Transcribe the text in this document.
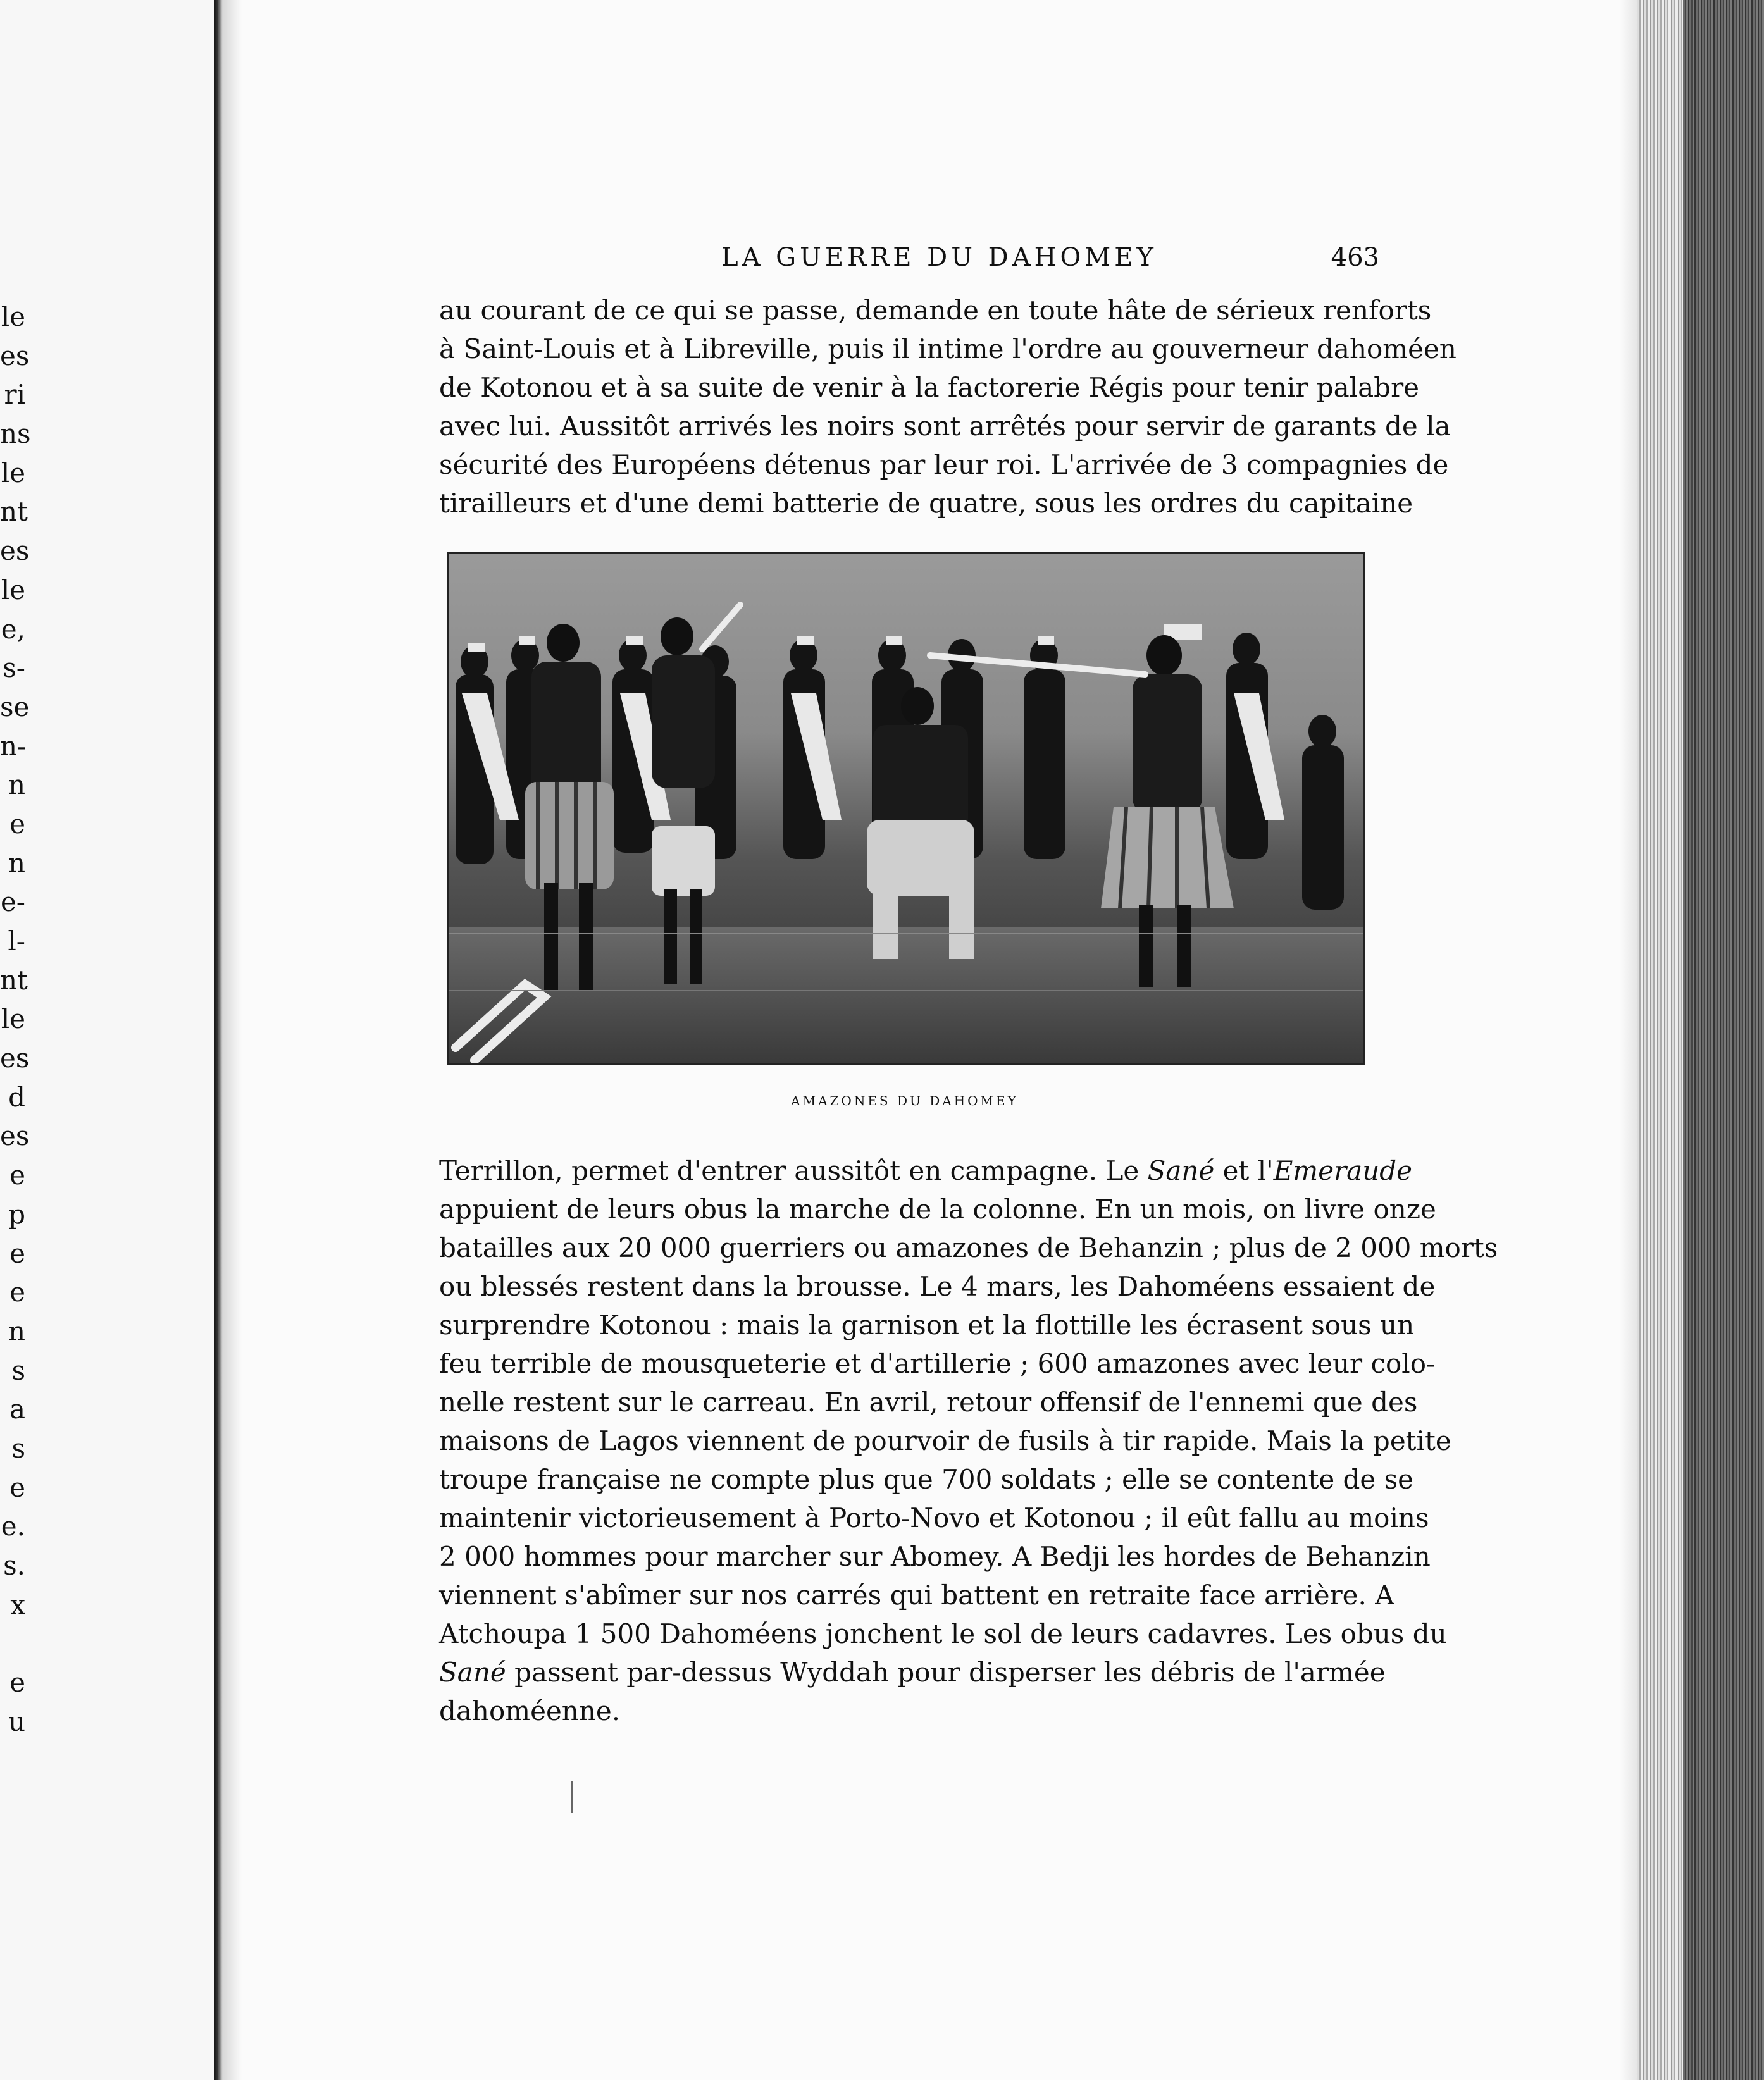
le
es
ri
ns
le
nt
es
le
e,
s-
se
n-
n
e
n
e-
l-
nt
le
es
d
es
e
p
e
e
n
s
a
s
e
e.
s.
x
e
u
LA GUERRE DU DAHOMEY	463
au courant de ce qui se passe, demande en toute hâte de sérieux renforts
à Saint-Louis et à Libreville, puis il intime l'ordre au gouverneur dahoméen
de Kotonou et à sa suite de venir à la factorerie Régis pour tenir palabre
avec lui. Aussitôt arrivés les noirs sont arrêtés pour servir de garants de la
sécurité des Européens détenus par leur roi. L'arrivée de 3 compagnies de
tirailleurs et d'une demi batterie de quatre, sous les ordres du capitaine
AMAZONES DU DAHOMEY
Terrillon, permet d'entrer aussitôt en campagne. Le Sané et l'Emeraude
appuient de leurs obus la marche de la colonne. En un mois, on livre onze
batailles aux 20 000 guerriers ou amazones de Behanzin ; plus de 2 000 morts
ou blessés restent dans la brousse. Le 4 mars, les Dahoméens essaient de
surprendre Kotonou : mais la garnison et la flottille les écrasent sous un
feu terrible de mousqueterie et d'artillerie ; 600 amazones avec leur colo-
nelle restent sur le carreau. En avril, retour offensif de l'ennemi que des
maisons de Lagos viennent de pourvoir de fusils à tir rapide. Mais la petite
troupe française ne compte plus que 700 soldats ; elle se contente de se
maintenir victorieusement à Porto-Novo et Kotonou ; il eût fallu au moins
2 000 hommes pour marcher sur Abomey. A Bedji les hordes de Behanzin
viennent s'abîmer sur nos carrés qui battent en retraite face arrière. A
Atchoupa 1 500 Dahoméens jonchent le sol de leurs cadavres. Les obus du
Sané passent par-dessus Wyddah pour disperser les débris de l'armée
dahoméenne.
